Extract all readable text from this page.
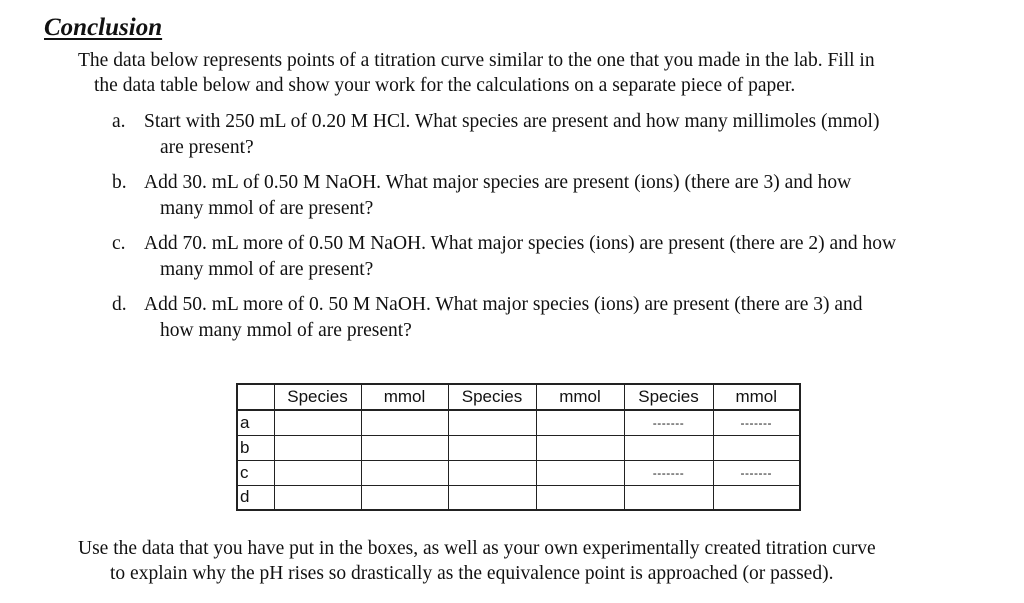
Conclusion
The data below represents points of a titration curve similar to the one that you made in the lab. Fill in
the data table below and show your work for the calculations on a separate piece of paper.
a. Start with 250 mL of 0.20 M HCl. What species are present and how many millimoles (mmol)
are present?
b. Add 30. mL of 0.50 M NaOH. What major species are present (ions) (there are 3) and how
many mmol of are present?
c. Add 70. mL more of 0.50 M NaOH. What major species (ions) are present (there are 2) and how
many mmol of are present?
d. Add 50. mL more of 0. 50 M NaOH. What major species (ions) are present (there are 3) and
how many mmol of are present?
	Species	mmol	Species	mmol	Species	mmol
a					-------	-------
b						
c					-------	-------
d						
Use the data that you have put in the boxes, as well as your own experimentally created titration curve
to explain why the pH rises so drastically as the equivalence point is approached (or passed).
